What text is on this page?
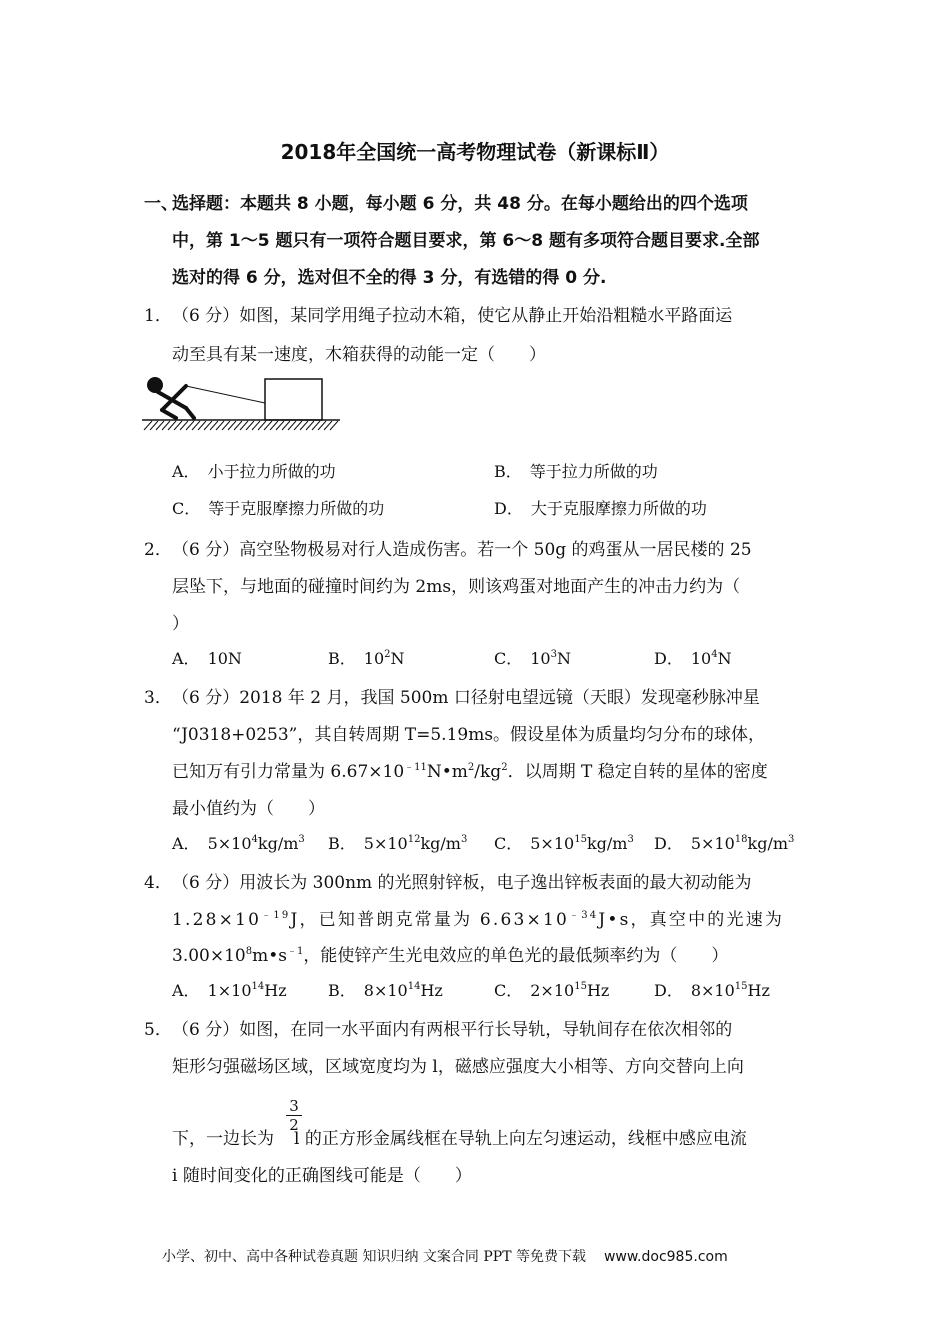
2018年全国统一高考物理试卷（新课标Ⅱ）
一、
选择题：本题共 8 小题，每小题 6 分，共 48 分。在每小题给出的四个选项
中，第 1～5 题只有一项符合题目要求，第 6～8 题有多项符合题目要求.全部
选对的得 6 分，选对但不全的得 3 分，有选错的得 0 分.
1． （6 分）如图，某同学用绳子拉动木箱，使它从静止开始沿粗糙水平路面运
动至具有某一速度，木箱获得的动能一定（　　）
A． 小于拉力所做的功	B． 等于拉力所做的功
C． 等于克服摩擦力所做的功	D． 大于克服摩擦力所做的功
2． （6 分）高空坠物极易对行人造成伤害。若一个 50g 的鸡蛋从一居民楼的 25
层坠下，与地面的碰撞时间约为 2ms，则该鸡蛋对地面产生的冲击力约为（
）
A． 10N	B． $10^2N$	C． $10^3N$	D． $10^4N$
3． （6 分）2018 年 2 月，我国 500m 口径射电望远镜（天眼）发现毫秒脉冲星
“J0318+0253”，其自转周期 T=5.19ms。假设星体为质量均匀分布的球体，
已知万有引力常量为 $6.67\times 10^{﹣11}N•m^2/kg^2$．以周期 T 稳定自转的星体的密度
最小值约为（　　）
A． $5\times 10^4kg/m^3$ B． $5\times 10^{12}kg/m^3$ C． $5\times 10^{15}kg/m^3$ D． $5\times 10^{18}kg/m^3$
4． （6 分）用波长为 300nm 的光照射锌板，电子逸出锌板表面的最大初动能为
$1.28\times 10^{﹣19}J$，已知普朗克常量为 $6.63\times 10^{﹣34}J•s$，真空中的光速为
$3.00\times 10^8m•s^{﹣1}$，能使锌产生光电效应的单色光的最低频率约为（　　）
A． $1\times 10^{14}Hz$	B． $8\times 10^{14}Hz$	C． $2\times 10^{15}Hz$	D． $8\times 10^{15}Hz$
5． （6 分）如图，在同一水平面内有两根平行长导轨，导轨间存在依次相邻的
矩形匀强磁场区域，区域宽度均为 l，磁感应强度大小相等、方向交替向上向
下，一边长为 l 的正方形金属线框在导轨上向左匀速运动，线框中感应电流
3
2
i 随时间变化的正确图线可能是（　　）
小学、初中、高中各种试卷真题 知识归纳 文案合同 PPT 等免费下载 www.doc985.com
